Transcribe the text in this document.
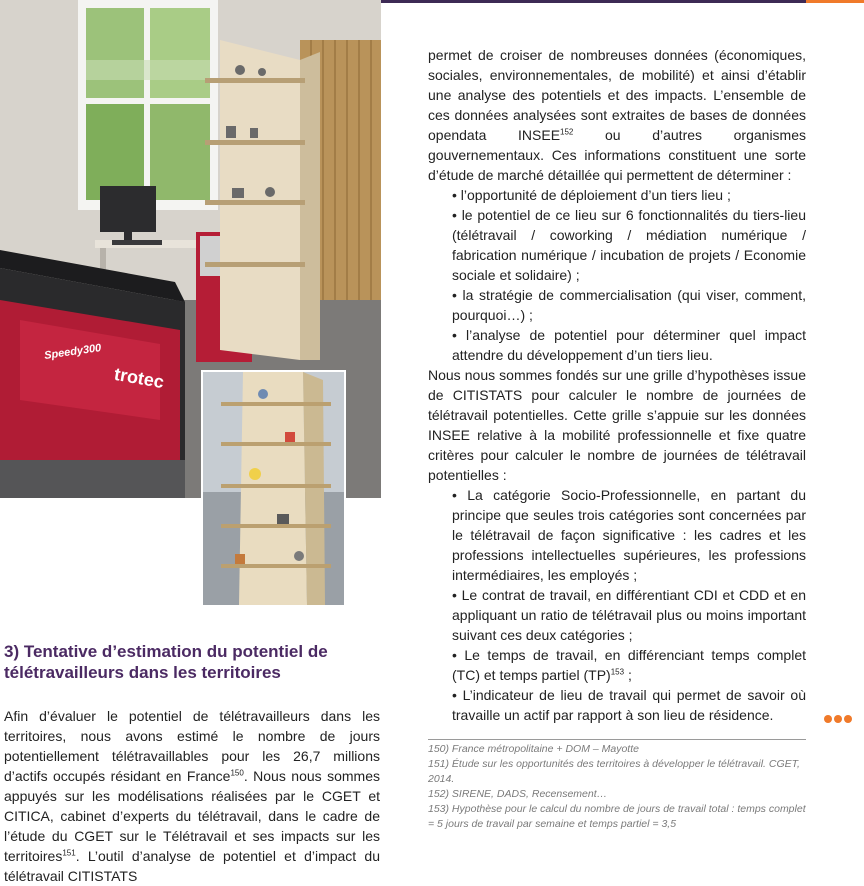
trotec
Speedy300
3) Tentative d’estimation du potentiel de
télétravailleurs dans les territoires

Afin d’évaluer le potentiel de télétravailleurs dans les territoires, nous avons estimé le nombre de jours potentiellement télétravaillables pour les 26,7 millions d’actifs occupés résidant en France$^{150}$. Nous nous sommes appuyés sur les modélisations réalisées par le CGET et CITICA, cabinet d’experts du télétravail, dans le cadre de l’étude du CGET sur le Télétravail et ses impacts sur les territoires$^{151}$. L’outil d’analyse de potentiel et d’impact du télétravail CITISTATS

permet de croiser de nombreuses données (économiques, sociales, environnementales, de mobilité) et ainsi d’établir une analyse des potentiels et des impacts. L’ensemble de ces données analysées sont extraites de bases de données opendata INSEE$^{152}$ ou d’autres organismes gouvernementaux. Ces informations constituent une sorte d’étude de marché détaillée qui permettent de déterminer :

• l’opportunité de déploiement d’un tiers lieu ;

• le potentiel de ce lieu sur 6 fonctionnalités du tiers-lieu (télétravail / coworking / médiation numérique / fabrication numérique / incubation de projets / Economie sociale et solidaire) ;

• la stratégie de commercialisation (qui viser, comment, pourquoi…) ;

• l’analyse de potentiel pour déterminer quel impact attendre du développement d’un tiers lieu.

Nous nous sommes fondés sur une grille d’hypothèses issue de CITISTATS pour calculer le nombre de journées de télétravail potentielles. Cette grille s’appuie sur les données INSEE relative à la mobilité professionnelle et fixe quatre critères pour calculer le nombre de journées de télétravail potentielles :

• La catégorie Socio-Professionnelle, en partant du principe que seules trois catégories sont concernées par le télétravail de façon significative : les cadres et les professions intellectuelles supérieures, les professions intermédiaires, les employés ;

• Le contrat de travail, en différentiant CDI et CDD et en appliquant un ratio de télétravail plus ou moins important suivant ces deux catégories ;

• Le temps de travail, en différenciant temps complet (TC) et temps partiel (TP)$^{153}$ ;

• L’indicateur de lieu de travail qui permet de savoir où travaille un actif par rapport à son lieu de résidence.

150) France métropolitaine + DOM – Mayotte

151) Étude sur les opportunités des territoires à développer le télétravail. CGET, 2014.

152) SIRENE, DADS, Recensement…

153) Hypothèse pour le calcul du nombre de jours de travail total : temps complet = 5 jours de travail par semaine et temps partiel = 3,5
